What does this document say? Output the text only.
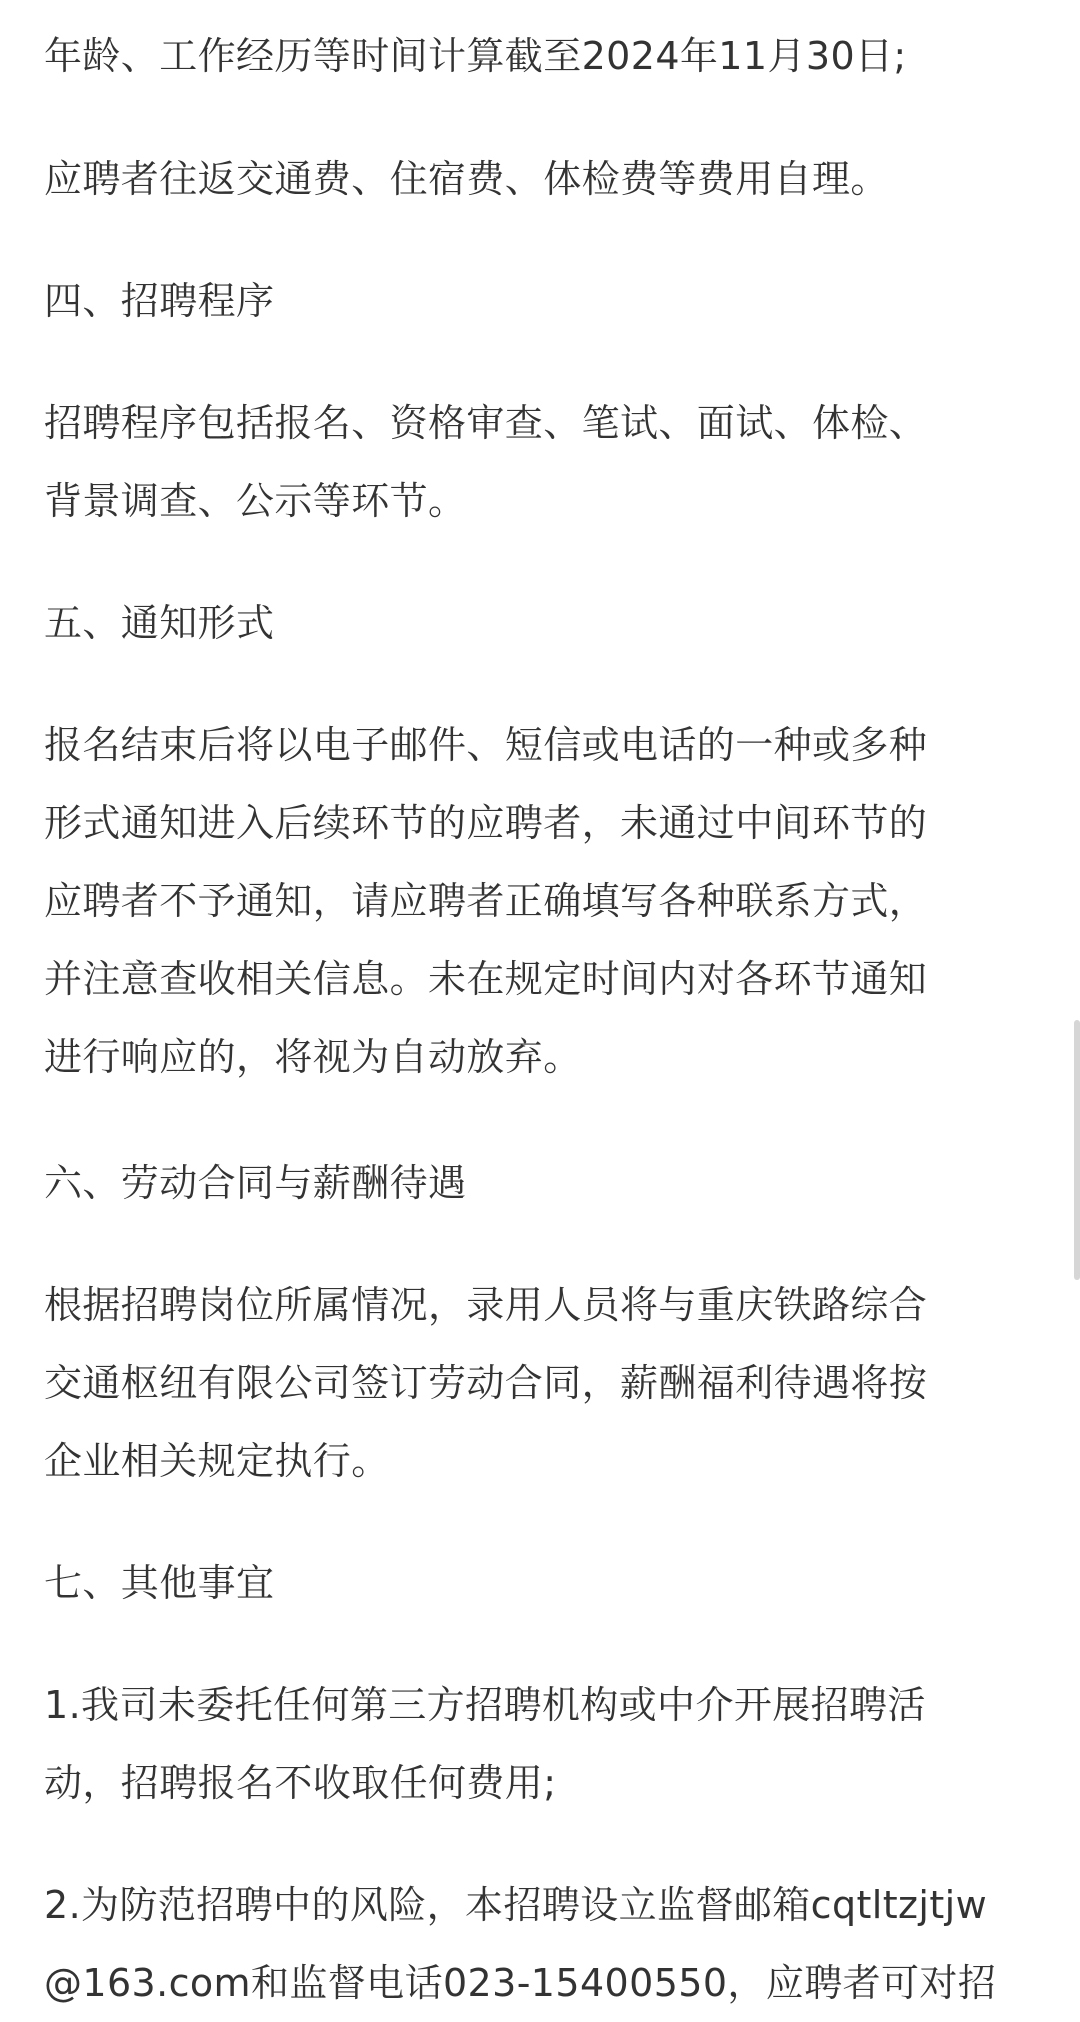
年龄、工作经历等时间计算截至2024年11月30日;

应聘者往返交通费、住宿费、体检费等费用自理。

四、招聘程序

招聘程序包括报名、资格审查、笔试、面试、体检、
背景调查、公示等环节。

五、通知形式

报名结束后将以电子邮件、短信或电话的一种或多种
形式通知进入后续环节的应聘者，未通过中间环节的
应聘者不予通知，请应聘者正确填写各种联系方式，
并注意查收相关信息。未在规定时间内对各环节通知
进行响应的，将视为自动放弃。

六、劳动合同与薪酬待遇

根据招聘岗位所属情况，录用人员将与重庆铁路综合
交通枢纽有限公司签订劳动合同，薪酬福利待遇将按
企业相关规定执行。

七、其他事宜

1.我司未委托任何第三方招聘机构或中介开展招聘活
动，招聘报名不收取任何费用;

2.为防范招聘中的风险，本招聘设立监督邮箱cqtltzjtjw
@163.com和监督电话023-15400550，应聘者可对招
